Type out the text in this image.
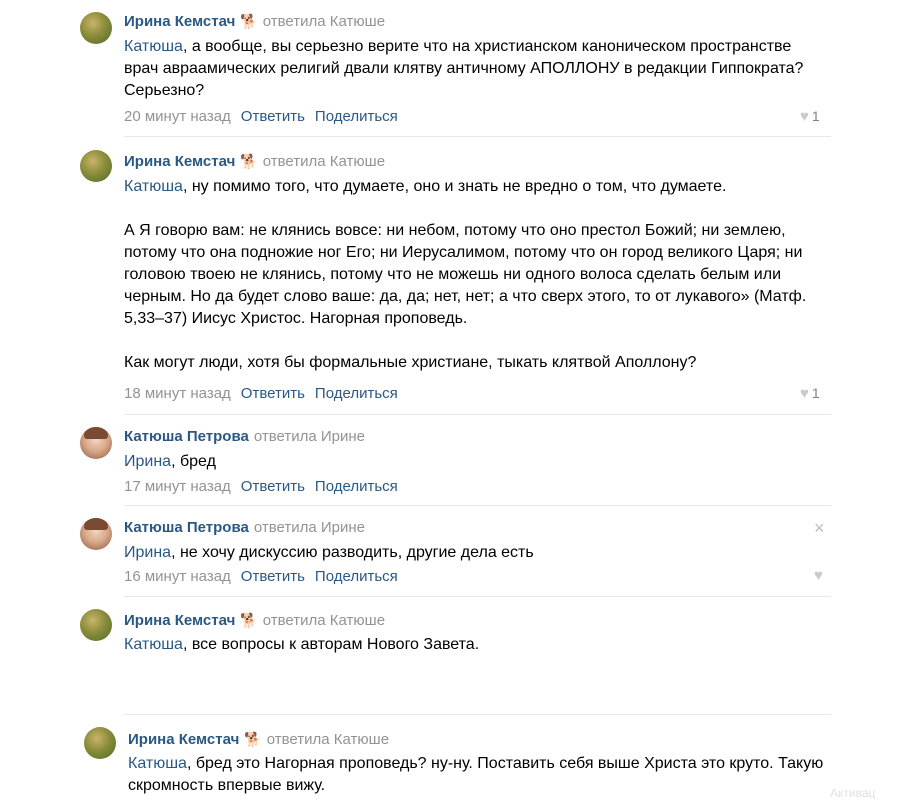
Ирина Кемстач 🐕 ответила Катюше

Катюша, а вообще, вы серьезно верите что на христианском каноническом пространстве врач авраамических религий двали клятву античному АПОЛЛОНУ в редакции Гиппократа? Серьезно?

20 минут назад Ответить Поделиться	♥ 1
Ирина Кемстач 🐕 ответила Катюше

Катюша, ну помимо того, что думаете, оно и знать не вредно о том, что думаете.

А Я говорю вам: не клянись вовсе: ни небом, потому что оно престол Божий; ни землею, потому что она подножие ног Его; ни Иерусалимом, потому что он город великого Царя; ни головою твоею не клянись, потому что не можешь ни одного волоса сделать белым или черным. Но да будет слово ваше: да, да; нет, нет; а что сверх этого, то от лукавого» (Матф. 5,33–37) Иисус Христос. Нагорная проповедь.

Как могут люди, хотя бы формальные христиане, тыкать клятвой Аполлону?

18 минут назад Ответить Поделиться	♥ 1
Катюша Петрова ответила Ирине

Ирина, бред

17 минут назад Ответить Поделиться
Катюша Петрова ответила Ирине	×

Ирина, не хочу дискуссию разводить, другие дела есть

16 минут назад Ответить Поделиться	♥
Ирина Кемстач 🐕 ответила Катюше

Катюша, все вопросы к авторам Нового Завета.

Ирина Кемстач 🐕 ответила Катюше

Катюша, бред это Нагорная проповедь? ну-ну. Поставить себя выше Христа это круто. Такую скромность впервые вижу.	Активац
